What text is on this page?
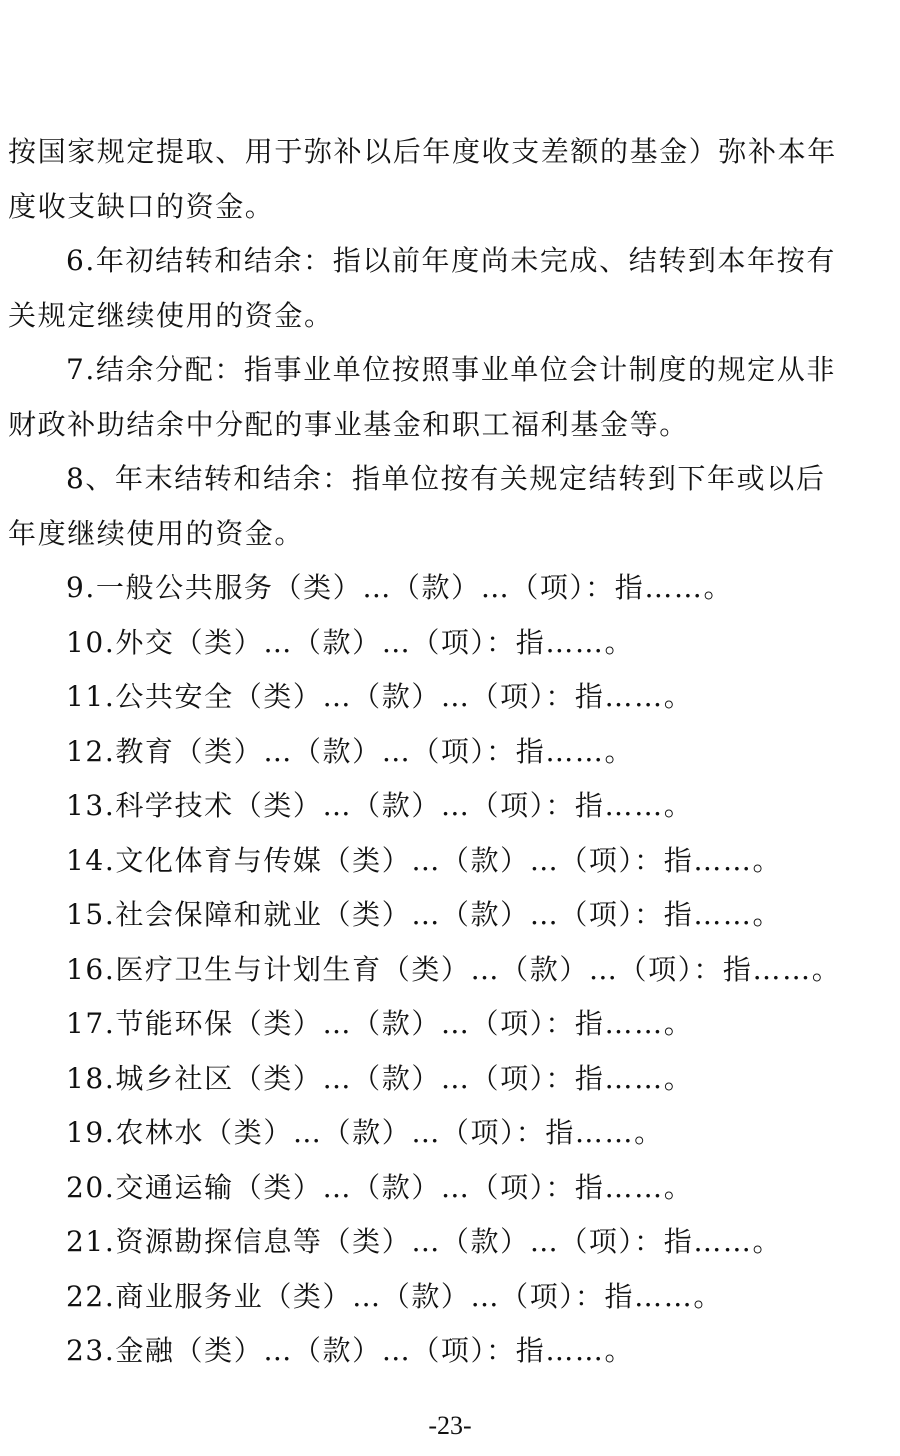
按国家规定提取、用于弥补以后年度收支差额的基金）弥补本年
度收支缺口的资金。
6.年初结转和结余：指以前年度尚未完成、结转到本年按有
关规定继续使用的资金。
7.结余分配：指事业单位按照事业单位会计制度的规定从非
财政补助结余中分配的事业基金和职工福利基金等。
8、年末结转和结余：指单位按有关规定结转到下年或以后
年度继续使用的资金。
9.一般公共服务（类）…（款）…（项）：指……。
10.外交（类）…（款）…（项）：指……。
11.公共安全（类）…（款）…（项）：指……。
12.教育（类）…（款）…（项）：指……。
13.科学技术（类）…（款）…（项）：指……。
14.文化体育与传媒（类）…（款）…（项）：指……。
15.社会保障和就业（类）…（款）…（项）：指……。
16.医疗卫生与计划生育（类）…（款）…（项）：指……。
17.节能环保（类）…（款）…（项）：指……。
18.城乡社区（类）…（款）…（项）：指……。
19.农林水（类）…（款）…（项）：指……。
20.交通运输（类）…（款）…（项）：指……。
21.资源勘探信息等（类）…（款）…（项）：指……。
22.商业服务业（类）…（款）…（项）：指……。
23.金融（类）…（款）…（项）：指……。
-23-
